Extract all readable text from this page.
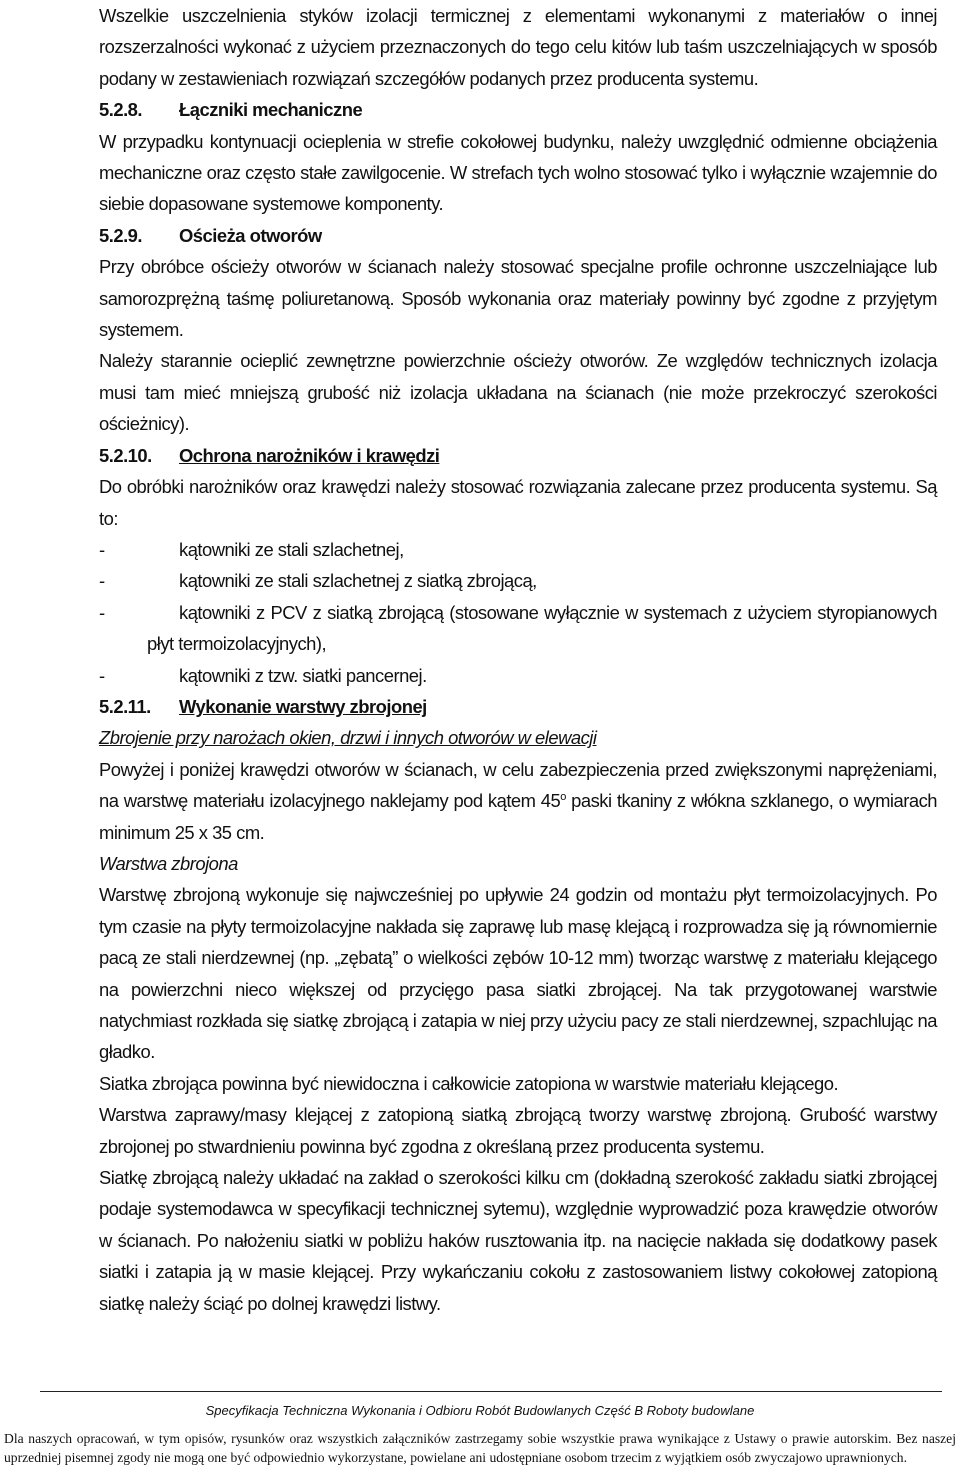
Wszelkie uszczelnienia styków izolacji termicznej z elementami wykonanymi z materiałów o innej rozszerzalności wykonać z użyciem przeznaczonych do tego celu kitów lub taśm uszczelniających w sposób podany w zestawieniach rozwiązań szczegółów podanych przez producenta systemu.

5.2.8. Łączniki mechaniczne

W przypadku kontynuacji ocieplenia w strefie cokołowej budynku, należy uwzględnić odmienne obciążenia mechaniczne oraz często stałe zawilgocenie. W strefach tych wolno stosować tylko i wyłącznie wzajemnie do siebie dopasowane systemowe komponenty.

5.2.9. Ościeża otworów

Przy obróbce ościeży otworów w ścianach należy stosować specjalne profile ochronne uszczelniające lub samorozprężną taśmę poliuretanową. Sposób wykonania oraz materiały powinny być zgodne z przyjętym systemem.

Należy starannie ocieplić zewnętrzne powierzchnie ościeży otworów. Ze względów technicznych izolacja musi tam mieć mniejszą grubość niż izolacja układana na ścianach (nie może przekroczyć szerokości ościeżnicy).

5.2.10. Ochrona narożników i krawędzi

Do obróbki narożników oraz krawędzi należy stosować rozwiązania zalecane przez producenta systemu. Są to:

-	kątowniki ze stali szlachetnej,
-	kątowniki ze stali szlachetnej z siatką zbrojącą,
-	kątowniki z PCV z siatką zbrojącą (stosowane wyłącznie w systemach z użyciem styropianowych płyt termoizolacyjnych),
-	kątowniki z tzw. siatki pancernej.
5.2.11. Wykonanie warstwy zbrojonej

Zbrojenie przy narożach okien, drzwi i innych otworów w elewacji

Powyżej i poniżej krawędzi otworów w ścianach, w celu zabezpieczenia przed zwiększonymi naprężeniami, na warstwę materiału izolacyjnego naklejamy pod kątem 45$^o$ paski tkaniny z włókna szklanego, o wymiarach minimum 25 x 35 cm.

Warstwa zbrojona

Warstwę zbrojoną wykonuje się najwcześniej po upływie 24 godzin od montażu płyt termoizolacyjnych. Po tym czasie na płyty termoizolacyjne nakłada się zaprawę lub masę klejącą i rozprowadza się ją równomiernie pacą ze stali nierdzewnej (np. „zębatą” o wielkości zębów 10-12 mm) tworząc warstwę z materiału klejącego na powierzchni nieco większej od przycięgo pasa siatki zbrojącej. Na tak przygotowanej warstwie natychmiast rozkłada się siatkę zbrojącą i zatapia w niej przy użyciu pacy ze stali nierdzewnej, szpachlując na gładko.

Siatka zbrojąca powinna być niewidoczna i całkowicie zatopiona w warstwie materiału klejącego.

Warstwa zaprawy/masy klejącej z zatopioną siatką zbrojącą tworzy warstwę zbrojoną. Grubość warstwy zbrojonej po stwardnieniu powinna być zgodna z określaną przez producenta systemu.

Siatkę zbrojącą należy układać na zakład o szerokości kilku cm (dokładną szerokość zakładu siatki zbrojącej podaje systemodawca w specyfikacji technicznej sytemu), względnie wyprowadzić poza krawędzie otworów w ścianach. Po nałożeniu siatki w pobliżu haków rusztowania itp. na nacięcie nakłada się dodatkowy pasek siatki i zatapia ją w masie klejącej. Przy wykańczaniu cokołu z zastosowaniem listwy cokołowej zatopioną siatkę należy ściąć po dolnej krawędzi listwy.

Specyfikacja Techniczna Wykonania i Odbioru Robót Budowlanych Część B Roboty budowlane
Dla naszych opracowań, w tym opisów, rysunków oraz wszystkich załączników zastrzegamy sobie wszystkie prawa wynikające z Ustawy o prawie autorskim. Bez naszej uprzedniej pisemnej zgody nie mogą one być odpowiednio wykorzystane, powielane ani udostępniane osobom trzecim z wyjątkiem osób zwyczajowo uprawnionych.
